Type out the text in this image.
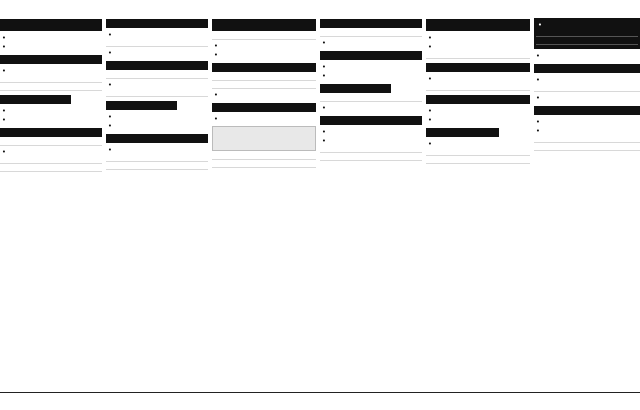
•
•
•
•
•
•
•
•
•
•
•
•
•
•
•
•
•
•
•
•
•
•
•
•
•
•
•
•
•
•
•
•
•
•
